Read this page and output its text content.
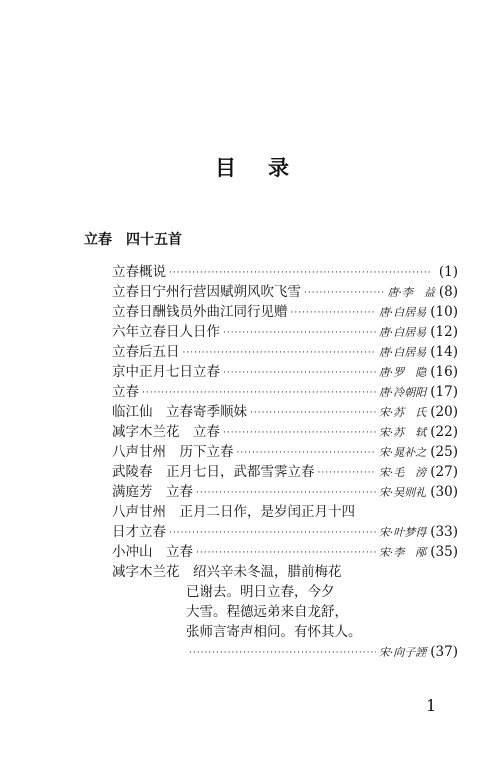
目录
立春　四十五首
立春概说 ·····	(1)
立春日宁州行营因赋朔风吹飞雪 ·····	唐·李　益 (8)
立春日酬钱员外曲江同行见赠 ·····	唐·白居易 (10)
六年立春日人日作 ·····	唐·白居易 (12)
立春后五日 ·····	唐·白居易 (14)
京中正月七日立春 ·····	唐·罗　隐 (16)
立春 ·····	唐·冷朝阳 (17)
临江仙　立春寄季顺妹 ·····	宋·苏　氏 (20)
减字木兰花　立春 ·····	宋·苏　轼 (22)
八声甘州　历下立春 ·····	宋·晁补之 (25)
武陵春　正月七日，武都雪霁立春 ·····	宋·毛　滂 (27)
满庭芳　立春 ·····	宋·吴则礼 (30)
八声甘州　正月二日作，是岁闰正月十四
日才立春 ·····	宋·叶梦得 (33)
小冲山　立春 ·····	宋·李　邴 (35)
减字木兰花　绍兴辛未冬温，腊前梅花
已谢去。明日立春，今夕
大雪。程德远弟来自龙舒，
张师言寄声相问。有怀其人。
·····
宋·向子諲 (37)
1
